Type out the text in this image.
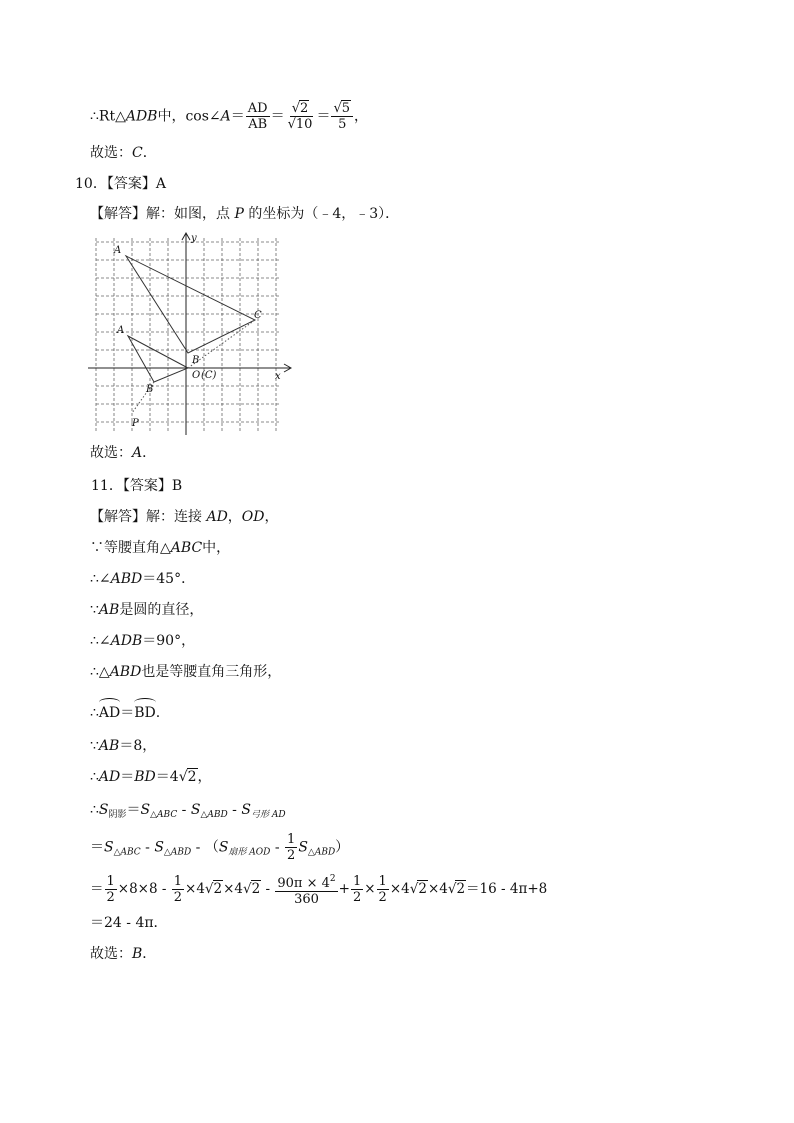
∴Rt△ADB中，cos∠A＝ $\frac{AD}{AB} = \frac{√2}{√10} = \frac{√5}{5}$ ，
故选：C．
10．【答案】A
【解答】解：如图，点 P 的坐标为（﹣4，﹣3）．
y
x
A
C
A
B
B
O (C)
P
故选：A．
11．【答案】B
【解答】解：连接 AD，OD，
∵等腰直角△ABC中，
∴∠ABD＝45°．
∵AB是圆的直径，
∴∠ADB＝90°，
∴△ABD也是等腰直角三角形，
∴AD＝BD.
∵AB＝8，
∴AD＝BD＝4√2，
$\therefore S_{阴影}=S_{\triangle ABC} - S_{\triangle ABD} - S_{弓形 AD}$
$=S_{\triangle ABC} - S_{\triangle ABD} - (S_{扇形 AOD} - \frac{1}{2} S_{\triangle ABD})$
＝ $\frac{1}{2} \times 8\times 8 - \frac{1}{2} \times 4√2\times 4√2 - \frac{90\pi \times 4^2}{360} + \frac{1}{2} \times \frac{1}{2} \times 4√2\times 4√2=16 - 4\pi+8$
＝24 - 4π．
故选：B．
